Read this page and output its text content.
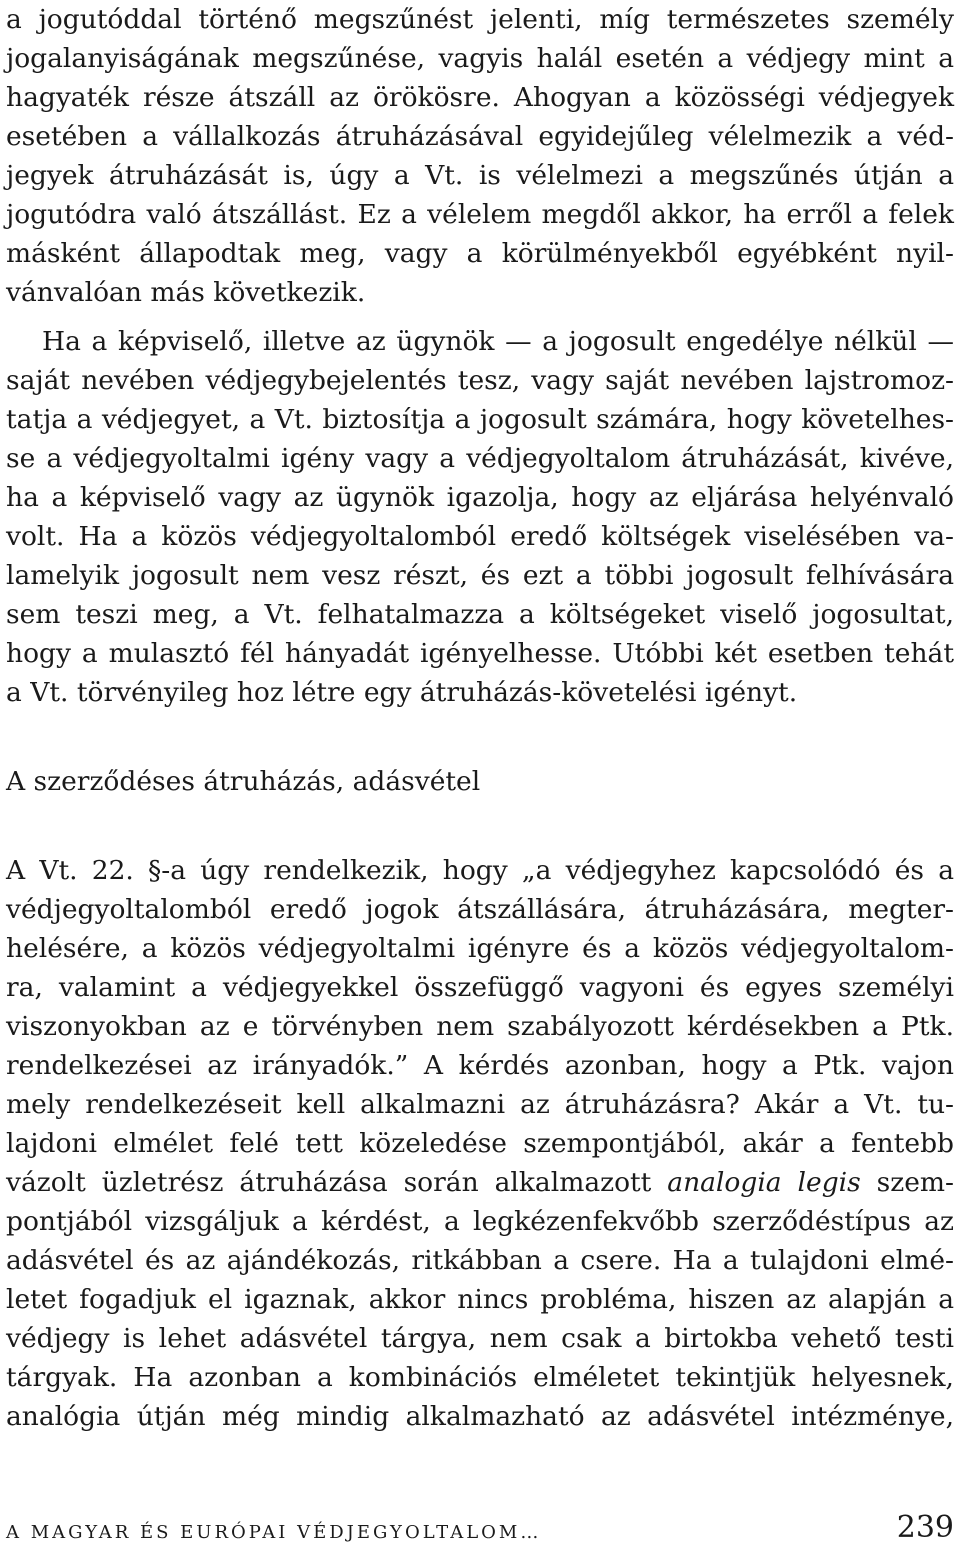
a jogutóddal történő megszűnést jelenti, míg természetes személy
jogalanyiságának megszűnése, vagyis halál esetén a védjegy mint a
hagyaték része átszáll az örökösre. Ahogyan a közösségi védjegyek
esetében a vállalkozás átruházásával egyidejűleg vélelmezik a véd-
jegyek átruházását is, úgy a Vt. is vélelmezi a megszűnés útján a
jogutódra való átszállást. Ez a vélelem megdől akkor, ha erről a felek
másként állapodtak meg, vagy a körülményekből egyébként nyil-
vánvalóan más következik.
Ha a képviselő, illetve az ügynök — a jogosult engedélye nélkül —
saját nevében védjegybejelentés tesz, vagy saját nevében lajstromoz-
tatja a védjegyet, a Vt. biztosítja a jogosult számára, hogy követelhes-
se a védjegyoltalmi igény vagy a védjegyoltalom átruházását, kivéve,
ha a képviselő vagy az ügynök igazolja, hogy az eljárása helyénvaló
volt. Ha a közös védjegyoltalomból eredő költségek viselésében va-
lamelyik jogosult nem vesz részt, és ezt a többi jogosult felhívására
sem teszi meg, a Vt. felhatalmazza a költségeket viselő jogosultat,
hogy a mulasztó fél hányadát igényelhesse. Utóbbi két esetben tehát
a Vt. törvényileg hoz létre egy átruházás-követelési igényt.
A szerződéses átruházás, adásvétel
A Vt. 22. §-a úgy rendelkezik, hogy „a védjegyhez kapcsolódó és a
védjegyoltalomból eredő jogok átszállására, átruházására, megter-
helésére, a közös védjegyoltalmi igényre és a közös védjegyoltalom-
ra, valamint a védjegyekkel összefüggő vagyoni és egyes személyi
viszonyokban az e törvényben nem szabályozott kérdésekben a Ptk.
rendelkezései az irányadók.” A kérdés azonban, hogy a Ptk. vajon
mely rendelkezéseit kell alkalmazni az átruházásra? Akár a Vt. tu-
lajdoni elmélet felé tett közeledése szempontjából, akár a fentebb
vázolt üzletrész átruházása során alkalmazott analogia legis szem-
pontjából vizsgáljuk a kérdést, a legkézenfekvőbb szerződéstípus az
adásvétel és az ajándékozás, ritkábban a csere. Ha a tulajdoni elmé-
letet fogadjuk el igaznak, akkor nincs probléma, hiszen az alapján a
védjegy is lehet adásvétel tárgya, nem csak a birtokba vehető testi
tárgyak. Ha azonban a kombinációs elméletet tekintjük helyesnek,
analógia útján még mindig alkalmazható az adásvétel intézménye,
A MAGYAR ÉS EURÓPAI VÉDJEGYOLTALOM…	239
